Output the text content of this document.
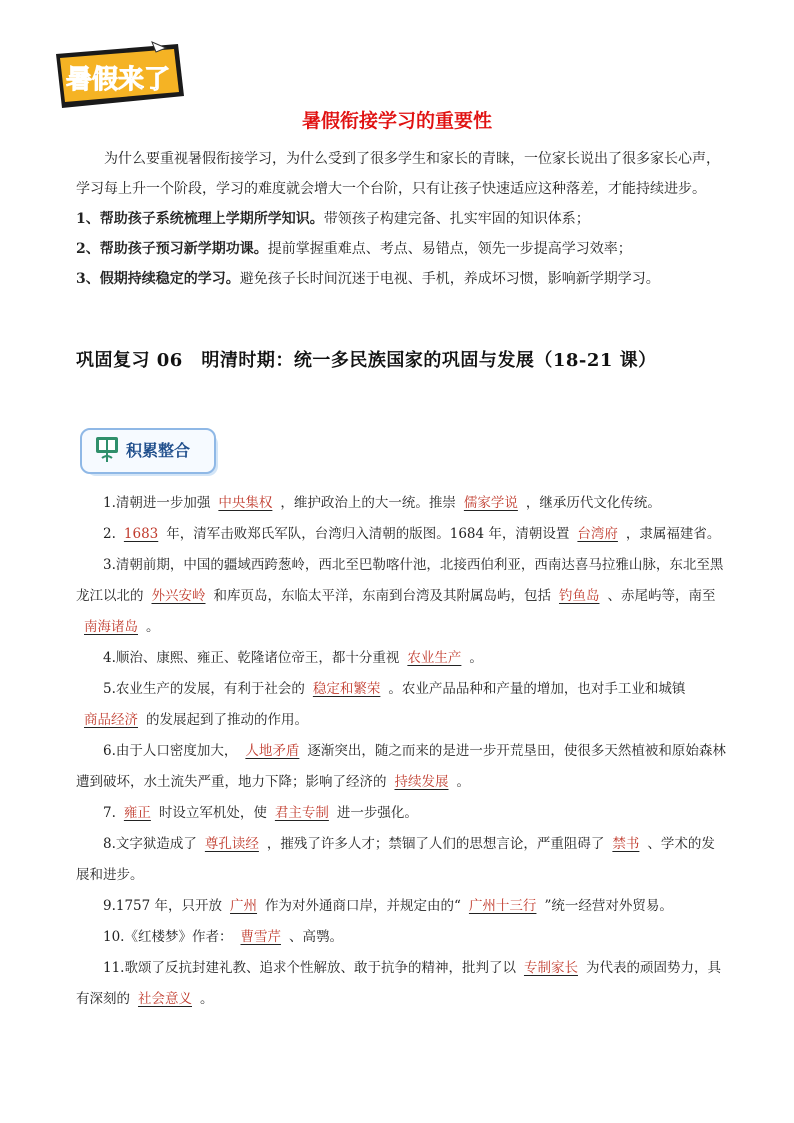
暑假来了
暑假衔接学习的重要性

为什么要重视暑假衔接学习，为什么受到了很多学生和家长的青睐，一位家长说出了很多家长心声，学习每上升一个阶段，学习的难度就会增大一个台阶，只有让孩子快速适应这种落差，才能持续进步。

1、帮助孩子系统梳理上学期所学知识。带领孩子构建完备、扎实牢固的知识体系；

2、帮助孩子预习新学期功课。提前掌握重难点、考点、易错点，领先一步提高学习效率；

3、假期持续稳定的学习。避免孩子长时间沉迷于电视、手机，养成坏习惯，影响新学期学习。

巩固复习 06　明清时期：统一多民族国家的巩固与发展（18-21 课）
积累整合

1.清朝进一步加强 中央集权 ，维护政治上的大一统。推崇 儒家学说 ，继承历代文化传统。

2. 1683 年，清军击败郑氏军队，台湾归入清朝的版图。1684 年，清朝设置 台湾府 ，隶属福建省。

3.清朝前期，中国的疆域西跨葱岭，西北至巴勒喀什池，北接西伯利亚，西南达喜马拉雅山脉，东北至黑龙江以北的 外兴安岭 和库页岛，东临太平洋，东南到台湾及其附属岛屿，包括 钓鱼岛 、赤尾屿等，南至南海诸岛 。

4.顺治、康熙、雍正、乾隆诸位帝王，都十分重视 农业生产 。

5.农业生产的发展，有利于社会的 稳定和繁荣 。农业产品品种和产量的增加，也对手工业和城镇商品经济 的发展起到了推动的作用。

6.由于人口密度加大， 人地矛盾 逐渐突出，随之而来的是进一步开荒垦田，使很多天然植被和原始森林遭到破坏，水土流失严重，地力下降；影响了经济的 持续发展 。

7. 雍正 时设立军机处，使 君主专制 进一步强化。

8.文字狱造成了 尊孔读经 ，摧残了许多人才；禁锢了人们的思想言论，严重阻碍了 禁书 、学术的发展和进步。

9.1757 年，只开放 广州 作为对外通商口岸，并规定由的“ 广州十三行 ”统一经营对外贸易。

10.《红楼梦》作者： 曹雪芹 、高鹗。

11.歌颂了反抗封建礼教、追求个性解放、敢于抗争的精神，批判了以 专制家长 为代表的顽固势力，具有深刻的 社会意义 。
